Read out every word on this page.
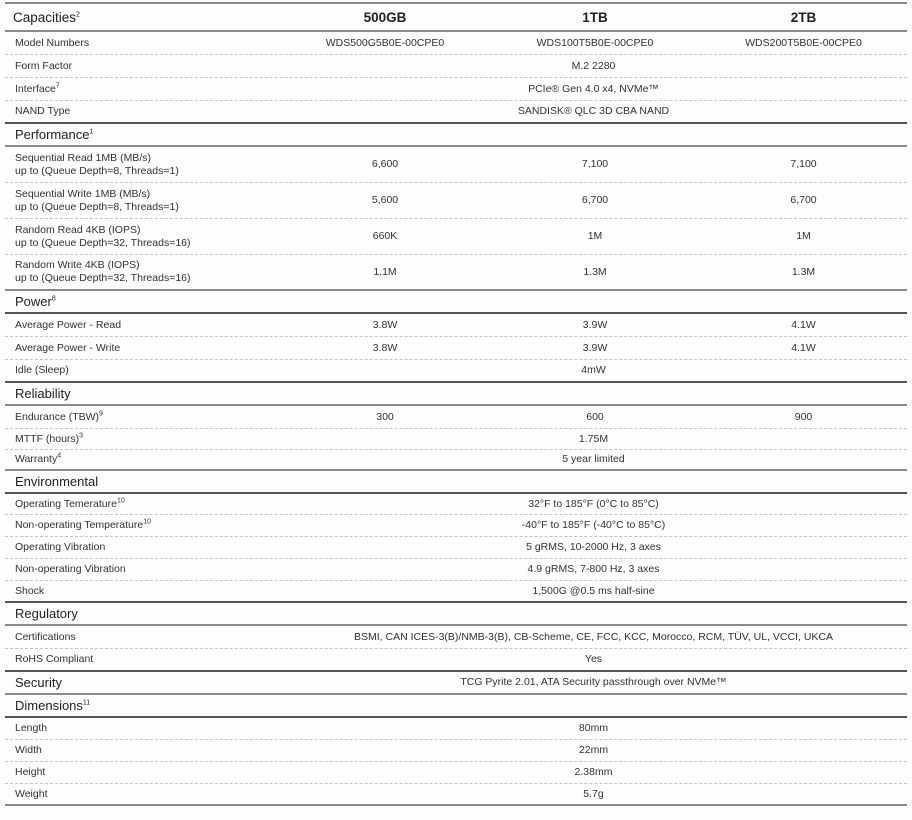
Capacities$^2$	500GB	1TB	2TB
Model Numbers	WDS500G5B0E-00CPE0	WDS100T5B0E-00CPE0	WDS200T5B0E-00CPE0
Form Factor	M.2 2280
Interface$^7$	PCIe® Gen 4.0 x4, NVMe™
NAND Type	SANDISK® QLC 3D CBA NAND
Performance$^1$
Sequential Read 1MB (MB/s)
up to (Queue Depth=8, Threads=1)
6,600	7,100	7,100
Sequential Write 1MB (MB/s)
up to (Queue Depth=8, Threads=1)
5,600	6,700	6,700
Random Read 4KB (IOPS)
up to (Queue Depth=32, Threads=16)
660K	1M	1M
Random Write 4KB (IOPS)
up to (Queue Depth=32, Threads=16)
1.1M	1.3M	1.3M
Power$^8$
Average Power - Read	3.8W	3.9W	4.1W
Average Power - Write	3.8W	3.9W	4.1W
Idle (Sleep)	4mW
Reliability
Endurance (TBW)$^9$	300	600	900
MTTF (hours)$^3$	1.75M
Warranty$^4$	5 year limited
Environmental
Operating Temerature$^{10}$	32°F to 185°F (0°C to 85°C)
Non-operating Temperature$^{10}$	-40°F to 185°F (-40°C to 85°C)
Operating Vibration	5 gRMS, 10-2000 Hz, 3 axes
Non-operating Vibration	4.9 gRMS, 7-800 Hz, 3 axes
Shock	1,500G @0.5 ms half-sine
Regulatory
Certifications	BSMI, CAN ICES-3(B)/NMB-3(B), CB-Scheme, CE, FCC, KCC, Morocco, RCM, TÜV, UL, VCCI, UKCA
RoHS Compliant	Yes
Security	TCG Pyrite 2.01, ATA Security passthrough over NVMe™
Dimensions$^{11}$
Length	80mm
Width	22mm
Height	2.38mm
Weight	5.7g
